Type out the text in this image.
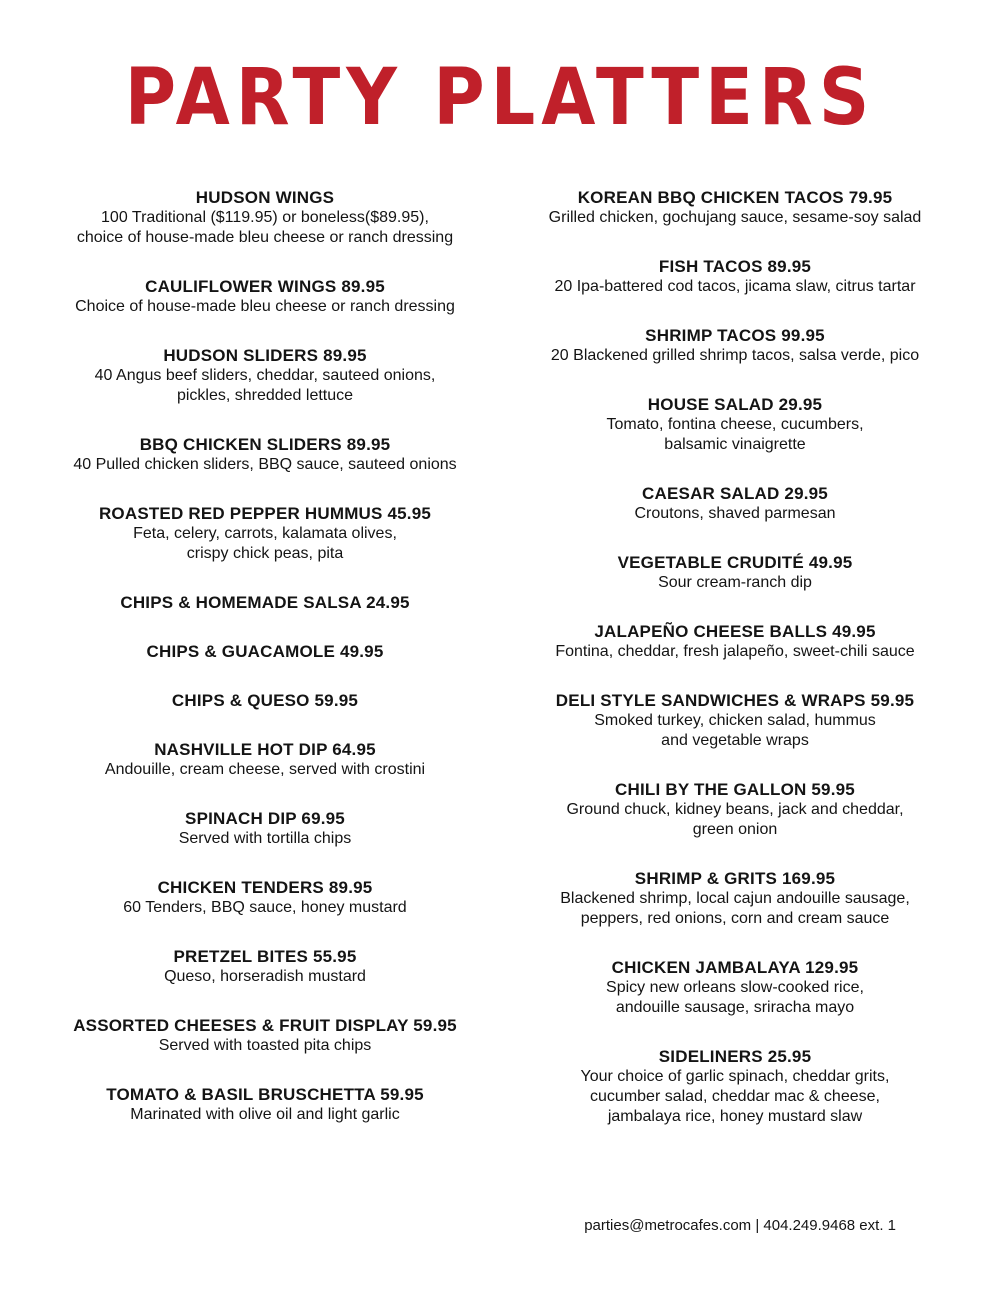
PARTY PLATTERS
HUDSON WINGS
100 Traditional ($119.95) or boneless($89.95),
choice of house-made bleu cheese or ranch dressing
CAULIFLOWER WINGS 89.95
Choice of house-made bleu cheese or ranch dressing
HUDSON SLIDERS 89.95
40 Angus beef sliders, cheddar, sauteed onions,
pickles, shredded lettuce
BBQ CHICKEN SLIDERS 89.95
40 Pulled chicken sliders, BBQ sauce, sauteed onions
ROASTED RED PEPPER HUMMUS 45.95
Feta, celery, carrots, kalamata olives,
crispy chick peas, pita
CHIPS & HOMEMADE SALSA 24.95
CHIPS & GUACAMOLE 49.95
CHIPS & QUESO 59.95
NASHVILLE HOT DIP 64.95
Andouille, cream cheese, served with crostini
SPINACH DIP 69.95
Served with tortilla chips
CHICKEN TENDERS 89.95
60 Tenders, BBQ sauce, honey mustard
PRETZEL BITES 55.95
Queso, horseradish mustard
ASSORTED CHEESES & FRUIT DISPLAY 59.95
Served with toasted pita chips
TOMATO & BASIL BRUSCHETTA 59.95
Marinated with olive oil and light garlic
KOREAN BBQ CHICKEN TACOS 79.95
Grilled chicken, gochujang sauce, sesame-soy salad
FISH TACOS 89.95
20 Ipa-battered cod tacos, jicama slaw, citrus tartar
SHRIMP TACOS 99.95
20 Blackened grilled shrimp tacos, salsa verde, pico
HOUSE SALAD 29.95
Tomato, fontina cheese, cucumbers,
balsamic vinaigrette
CAESAR SALAD 29.95
Croutons, shaved parmesan
VEGETABLE CRUDITÉ 49.95
Sour cream-ranch dip
JALAPEÑO CHEESE BALLS 49.95
Fontina, cheddar, fresh jalapeño, sweet-chili sauce
DELI STYLE SANDWICHES & WRAPS 59.95
Smoked turkey, chicken salad, hummus
and vegetable wraps
CHILI BY THE GALLON 59.95
Ground chuck, kidney beans, jack and cheddar,
green onion
SHRIMP & GRITS 169.95
Blackened shrimp, local cajun andouille sausage,
peppers, red onions, corn and cream sauce
CHICKEN JAMBALAYA 129.95
Spicy new orleans slow-cooked rice,
andouille sausage, sriracha mayo
SIDELINERS 25.95
Your choice of garlic spinach, cheddar grits,
cucumber salad, cheddar mac & cheese,
jambalaya rice, honey mustard slaw
parties@metrocafes.com | 404.249.9468 ext. 1
